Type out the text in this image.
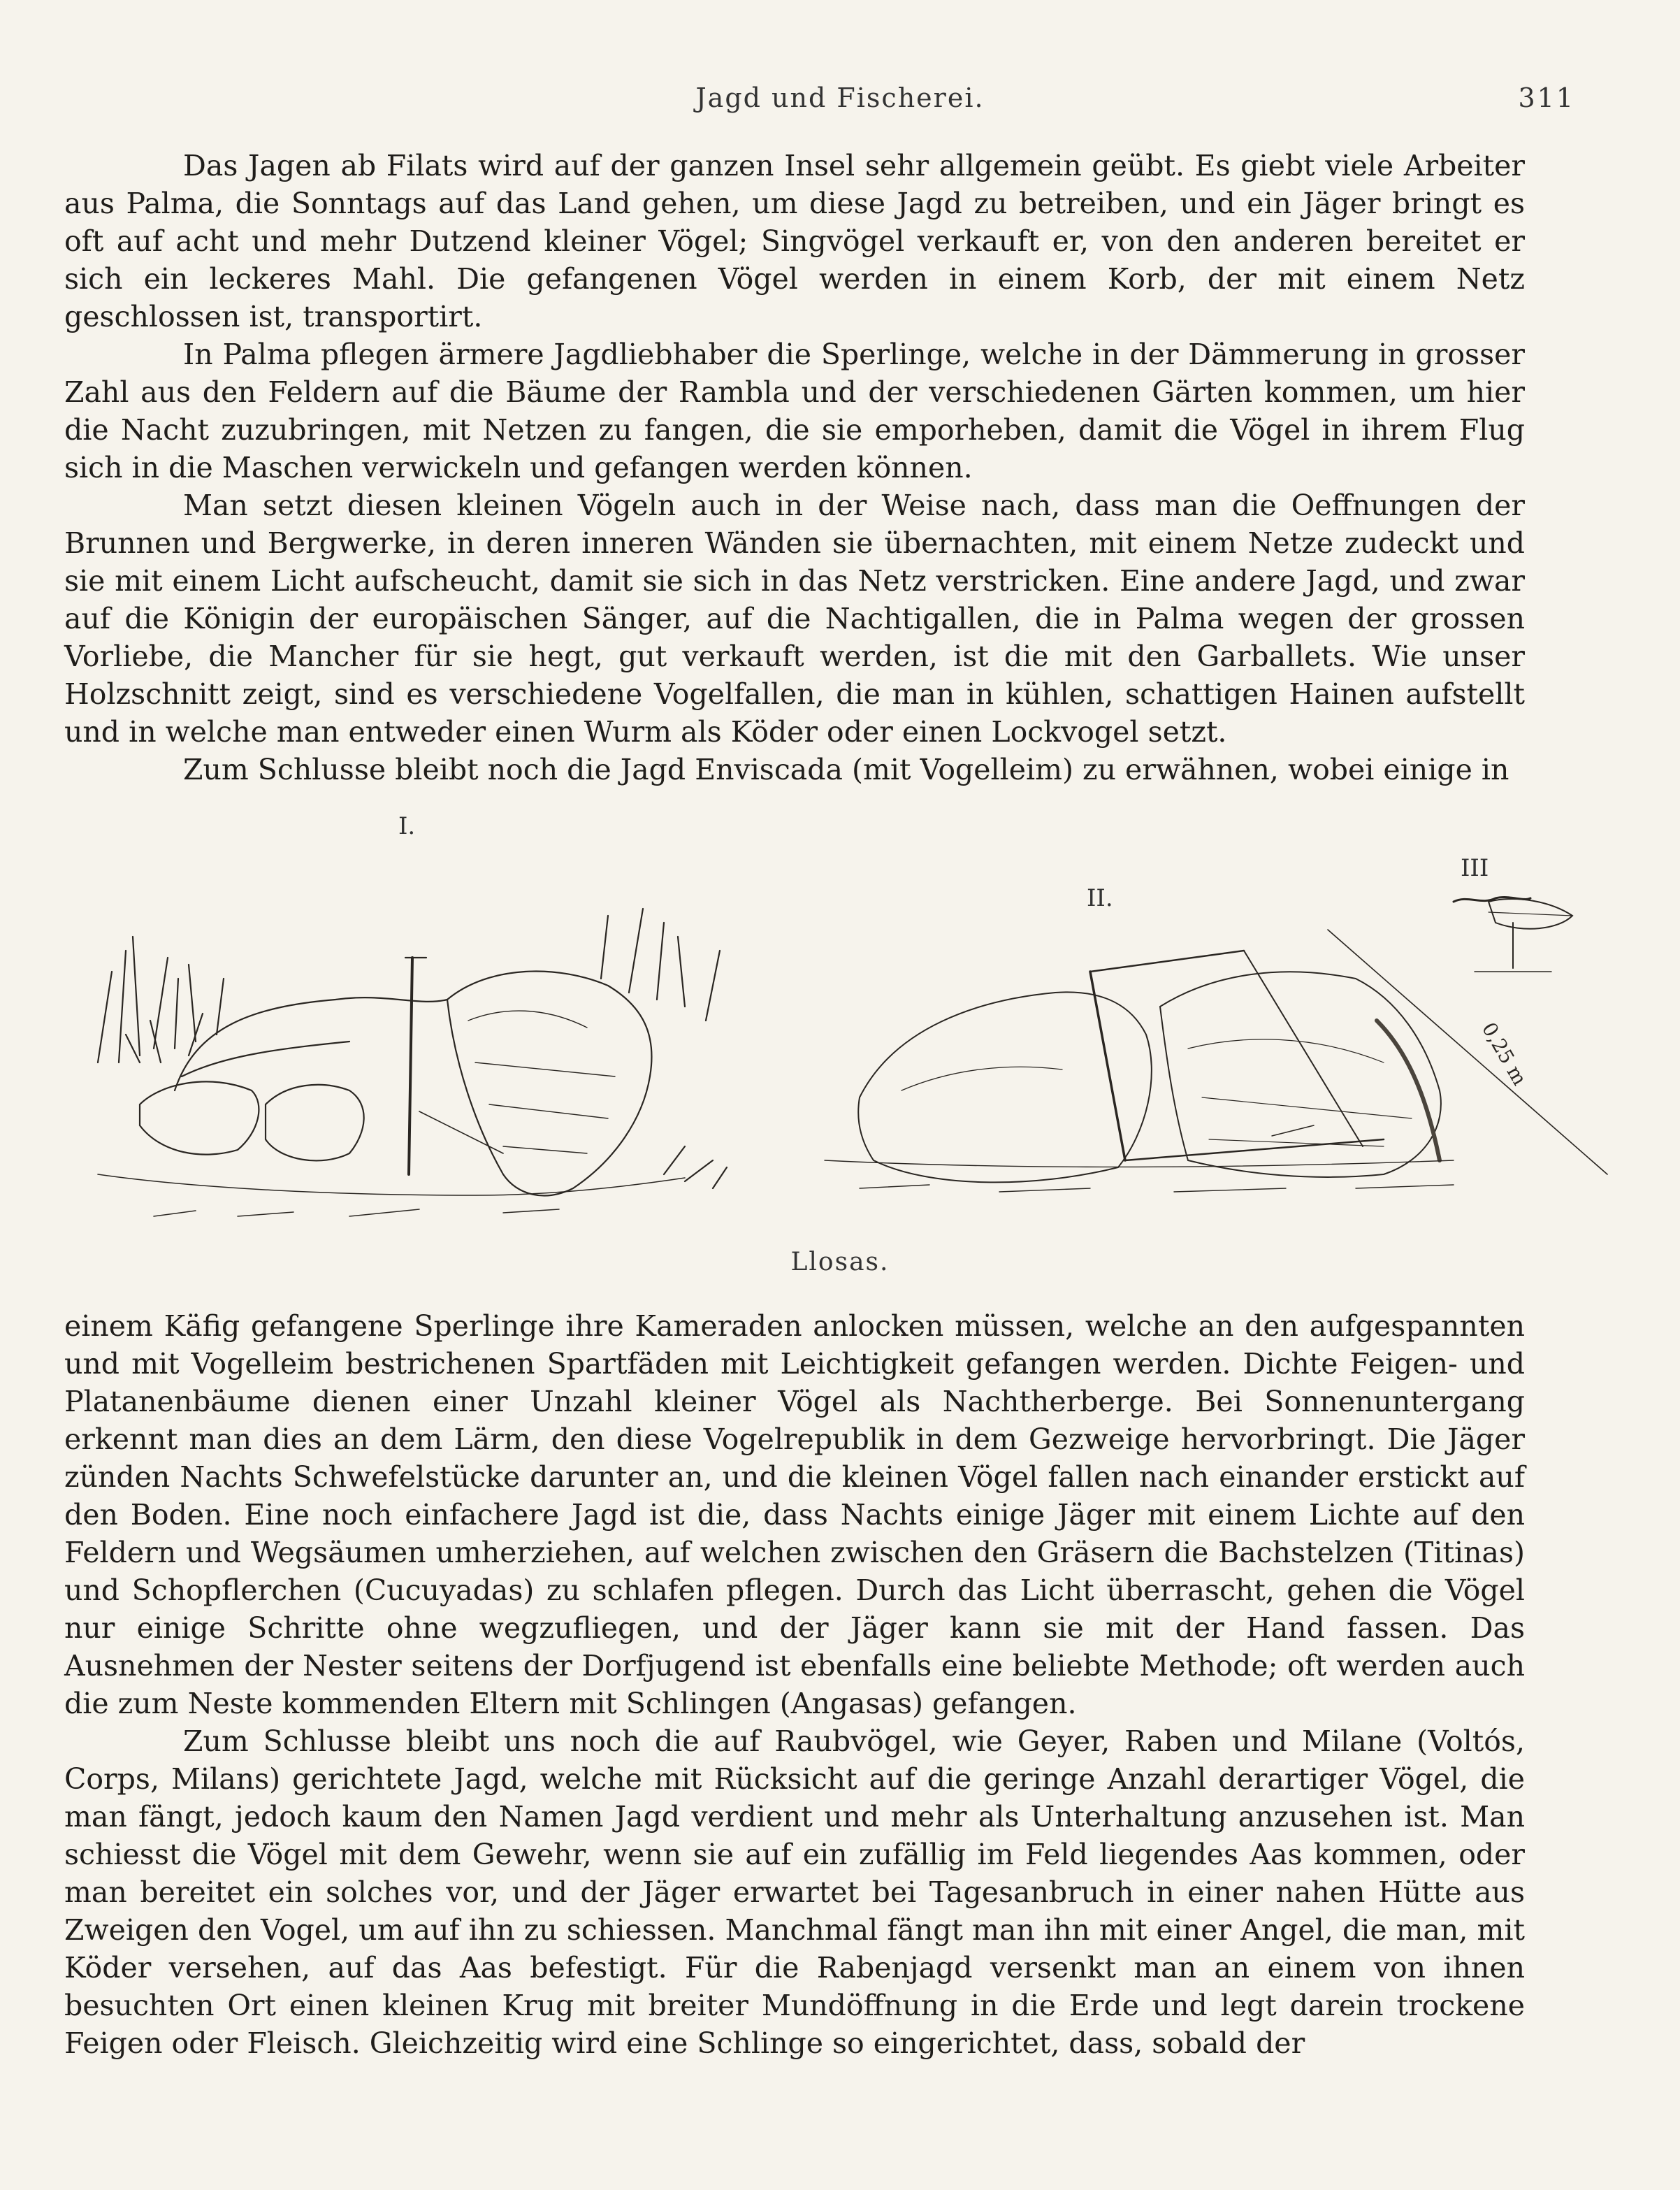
Jagd und Fischerei.	311

Das Jagen ab Filats wird auf der ganzen Insel sehr allgemein geübt. Es giebt viele Arbeiter aus Palma, die Sonntags auf das Land gehen, um diese Jagd zu betreiben, und ein Jäger bringt es oft auf acht und mehr Dutzend kleiner Vögel; Singvögel verkauft er, von den anderen bereitet er sich ein leckeres Mahl. Die gefangenen Vögel werden in einem Korb, der mit einem Netz geschlossen ist, transportirt.

In Palma pflegen ärmere Jagdliebhaber die Sperlinge, welche in der Dämmerung in grosser Zahl aus den Feldern auf die Bäume der Rambla und der verschiedenen Gärten kommen, um hier die Nacht zuzubringen, mit Netzen zu fangen, die sie emporheben, damit die Vögel in ihrem Flug sich in die Maschen verwickeln und gefangen werden können.

Man setzt diesen kleinen Vögeln auch in der Weise nach, dass man die Oeffnungen der Brunnen und Bergwerke, in deren inneren Wänden sie übernachten, mit einem Netze zudeckt und sie mit einem Licht aufscheucht, damit sie sich in das Netz verstricken. Eine andere Jagd, und zwar auf die Königin der europäischen Sänger, auf die Nachtigallen, die in Palma wegen der grossen Vorliebe, die Mancher für sie hegt, gut verkauft werden, ist die mit den Garballets. Wie unser Holzschnitt zeigt, sind es verschiedene Vogelfallen, die man in kühlen, schattigen Hainen aufstellt und in welche man entweder einen Wurm als Köder oder einen Lockvogel setzt.

Zum Schlusse bleibt noch die Jagd Enviscada (mit Vogelleim) zu erwähnen, wobei einige in

I.
II.
III
0,25 m
Llosas.

einem Käfig gefangene Sperlinge ihre Kameraden anlocken müssen, welche an den aufgespannten und mit Vogelleim bestrichenen Spartfäden mit Leichtigkeit gefangen werden. Dichte Feigen- und Platanenbäume dienen einer Unzahl kleiner Vögel als Nachtherberge. Bei Sonnenuntergang erkennt man dies an dem Lärm, den diese Vogelrepublik in dem Gezweige hervorbringt. Die Jäger zünden Nachts Schwefelstücke darunter an, und die kleinen Vögel fallen nach einander erstickt auf den Boden. Eine noch einfachere Jagd ist die, dass Nachts einige Jäger mit einem Lichte auf den Feldern und Wegsäumen umherziehen, auf welchen zwischen den Gräsern die Bachstelzen (Titinas) und Schopflerchen (Cucuyadas) zu schlafen pflegen. Durch das Licht überrascht, gehen die Vögel nur einige Schritte ohne wegzufliegen, und der Jäger kann sie mit der Hand fassen. Das Ausnehmen der Nester seitens der Dorfjugend ist ebenfalls eine beliebte Methode; oft werden auch die zum Neste kommenden Eltern mit Schlingen (Angasas) gefangen.

Zum Schlusse bleibt uns noch die auf Raubvögel, wie Geyer, Raben und Milane (Voltós, Corps, Milans) gerichtete Jagd, welche mit Rücksicht auf die geringe Anzahl derartiger Vögel, die man fängt, jedoch kaum den Namen Jagd verdient und mehr als Unterhaltung anzusehen ist. Man schiesst die Vögel mit dem Gewehr, wenn sie auf ein zufällig im Feld liegendes Aas kommen, oder man bereitet ein solches vor, und der Jäger erwartet bei Tagesanbruch in einer nahen Hütte aus Zweigen den Vogel, um auf ihn zu schiessen. Manchmal fängt man ihn mit einer Angel, die man, mit Köder versehen, auf das Aas befestigt. Für die Rabenjagd versenkt man an einem von ihnen besuchten Ort einen kleinen Krug mit breiter Mundöffnung in die Erde und legt darein trockene Feigen oder Fleisch. Gleichzeitig wird eine Schlinge so eingerichtet, dass, sobald der
